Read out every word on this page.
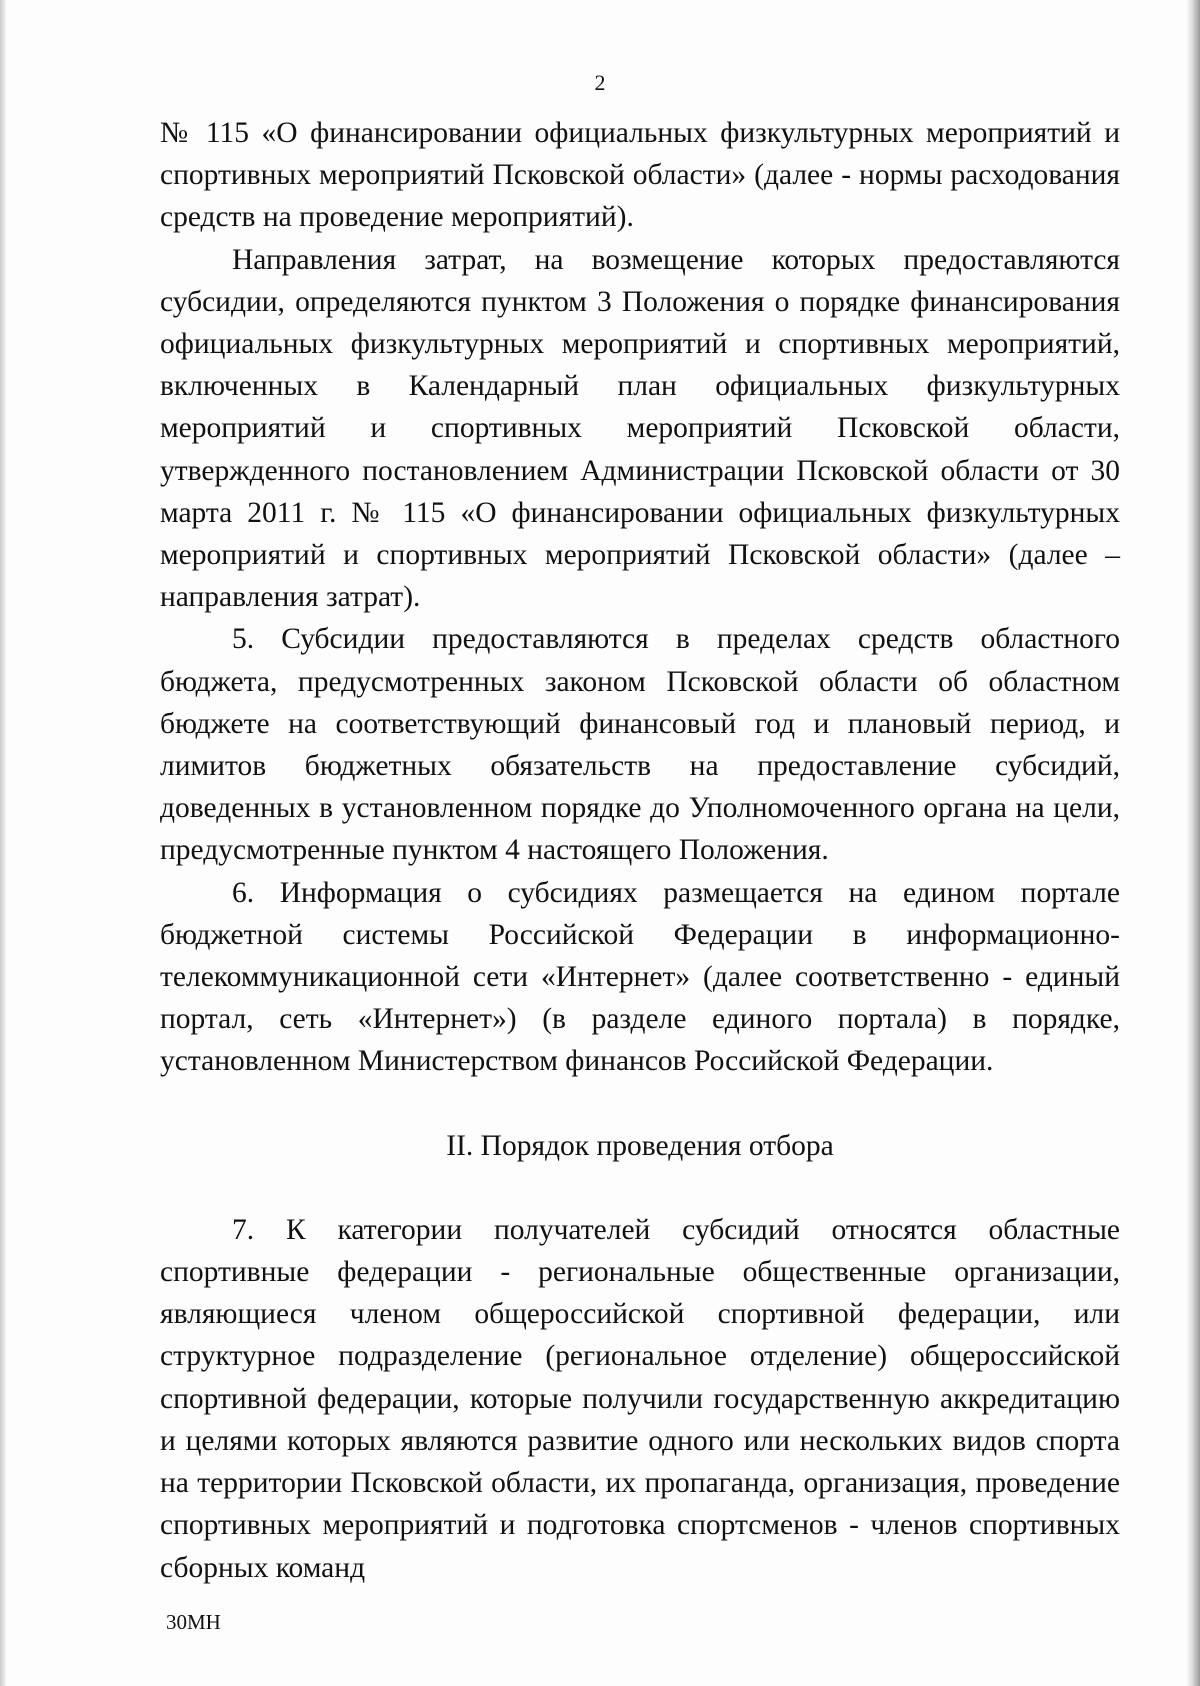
2

№ 115 «О финансировании официальных физкультурных мероприятий и спортивных мероприятий Псковской области» (далее - нормы расходования средств на проведение мероприятий).

Направления затрат, на возмещение которых предоставляются субсидии, определяются пунктом 3 Положения о порядке финансирования официальных физкультурных мероприятий и спортивных мероприятий, включенных в Календарный план официальных физкультурных мероприятий и спортивных мероприятий Псковской области, утвержденного постановлением Администрации Псковской области от 30 марта 2011 г. № 115 «О финансировании официальных физкультурных мероприятий и спортивных мероприятий Псковской области» (далее – направления затрат).

5. Субсидии предоставляются в пределах средств областного бюджета, предусмотренных законом Псковской области об областном бюджете на соответствующий финансовый год и плановый период, и лимитов бюджетных обязательств на предоставление субсидий, доведенных в установленном порядке до Уполномоченного органа на цели, предусмотренные пунктом 4 настоящего Положения.

6. Информация о субсидиях размещается на едином портале бюджетной системы Российской Федерации в информационно-телекоммуникационной сети «Интернет» (далее соответственно - единый портал, сеть «Интернет») (в разделе единого портала) в порядке, установленном Министерством финансов Российской Федерации.

II. Порядок проведения отбора

7. К категории получателей субсидий относятся областные спортивные федерации - региональные общественные организации, являющиеся членом общероссийской спортивной федерации, или структурное подразделение (региональное отделение) общероссийской спортивной федерации, которые получили государственную аккредитацию и целями которых являются развитие одного или нескольких видов спорта на территории Псковской области, их пропаганда, организация, проведение спортивных мероприятий и подготовка спортсменов - членов спортивных сборных команд

30МН
